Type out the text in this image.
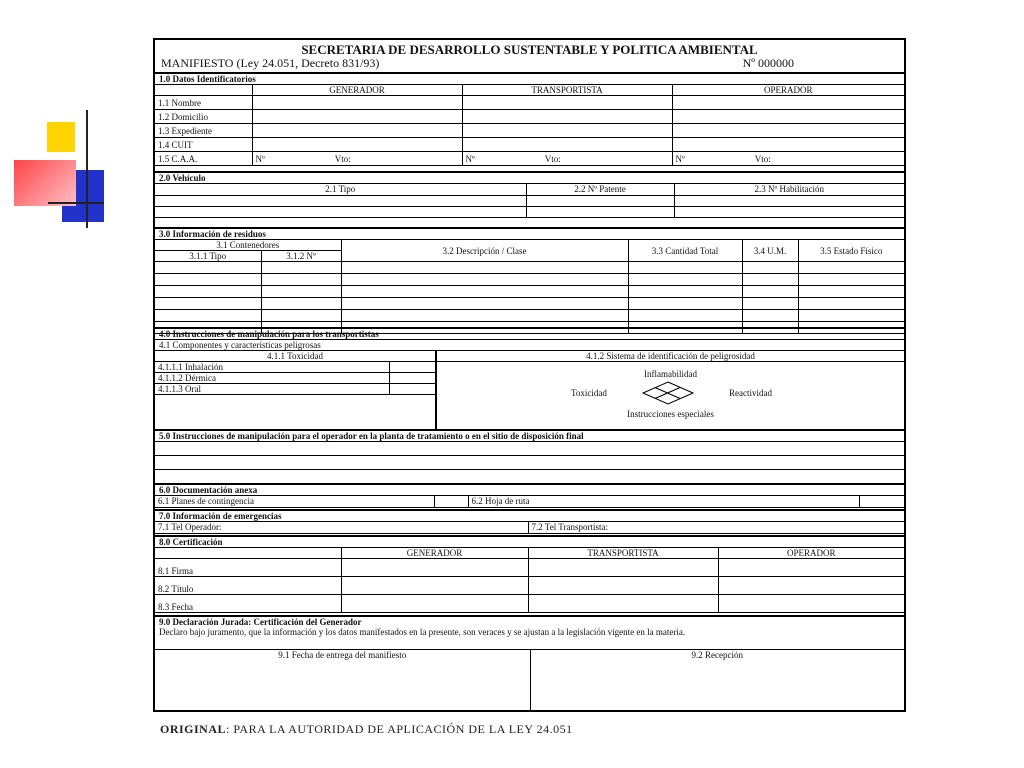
SECRETARIA DE DESARROLLO SUSTENTABLE Y POLITICA AMBIENTAL
MANIFIESTO (Ley 24.051, Decreto 831/93)	Nº 000000
1.0 Datos Identificatorios
	GENERADOR	TRANSPORTISTA	OPERADOR
1.1 Nombre			
1.2 Domicilio			
1.3 Expediente			
1.4 CUIT			
1.5 C.A.A.	Nº Vto:	Nº Vto:	Nº Vto:
2.0 Vehículo
2.1 Tipo	2.2 Nº Patente	2.3 Nº Habilitación

3.0 Información de residuos
3.1 Contenedores		3.2 Descripción / Clase	3.3 Cantidad Total	3.4 U.M.	3.5 Estado Físico
3.1.1 Tipo	3.1.2 Nº				

4.0 Instrucciones de manipulación para los transportistas
4.1 Componentes y características peligrosas
4.1.1 Toxicidad
4.1.1.1 Inhalación	
4.1.1.2 Dérmica	
4.1.1.3 Oral	
4.1.2 Sistema de identificación de peligrosidad
Inflamabilidad
Toxicidad	Reactividad
Instrucciones especiales
5.0 Instrucciones de manipulación para el operador en la planta de tratamiento o en el sitio de disposición final
6.0 Documentación anexa
6.1 Planes de contingencia		6.2 Hoja de ruta	
7.0 Información de emergencias
7.1 Tel Operador:	7.2 Tel Transportista:
8.0 Certificación
	GENERADOR	TRANSPORTISTA	OPERADOR
8.1 Firma			
8.2 Título			
8.3 Fecha			
9.0 Declaración Jurada: Certificación del Generador
Declaro bajo juramento, que la información y los datos manifestados en la presente, son veraces y se ajustan a la legislación vigente en la materia.
9.1 Fecha de entrega del manifiesto	9.2 Recepción
ORIGINAL: PARA LA AUTORIDAD DE APLICACIÓN DE LA LEY 24.051
